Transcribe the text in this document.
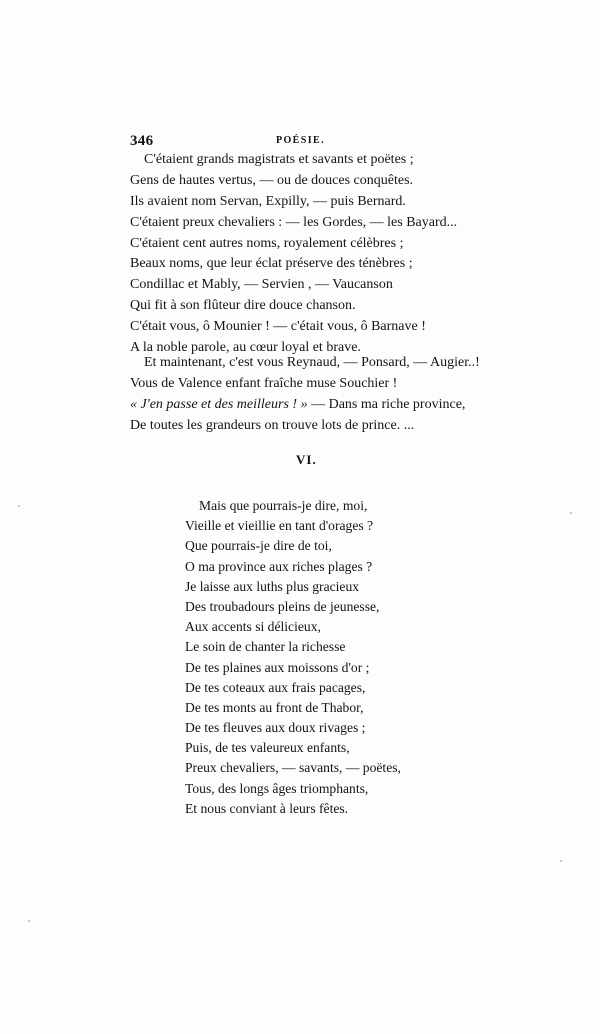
346	POÉSIE.
C'étaient grands magistrats et savants et poëtes ;
Gens de hautes vertus, — ou de douces conquêtes.
Ils avaient nom Servan, Expilly, — puis Bernard.
C'étaient preux chevaliers : — les Gordes, — les Bayard...
C'étaient cent autres noms, royalement célèbres ;
Beaux noms, que leur éclat préserve des ténèbres ;
Condillac et Mably, — Servien , — Vaucanson
Qui fit à son flûteur dire douce chanson.
C'était vous, ô Mounier ! — c'était vous, ô Barnave !
A la noble parole, au cœur loyal et brave.
Et maintenant, c'est vous Reynaud, — Ponsard, — Augier..!
Vous de Valence enfant fraîche muse Souchier !
« J'en passe et des meilleurs ! » — Dans ma riche province,
De toutes les grandeurs on trouve lots de prince. ...
VI.
Mais que pourrais-je dire, moi,
Vieille et vieillie en tant d'orages ?
Que pourrais-je dire de toi,
O ma province aux riches plages ?
Je laisse aux luths plus gracieux
Des troubadours pleins de jeunesse,
Aux accents si délicieux,
Le soin de chanter la richesse
De tes plaines aux moissons d'or ;
De tes coteaux aux frais pacages,
De tes monts au front de Thabor,
De tes fleuves aux doux rivages ;
Puis, de tes valeureux enfants,
Preux chevaliers, — savants, — poëtes,
Tous, des longs âges triomphants,
Et nous conviant à leurs fêtes.
